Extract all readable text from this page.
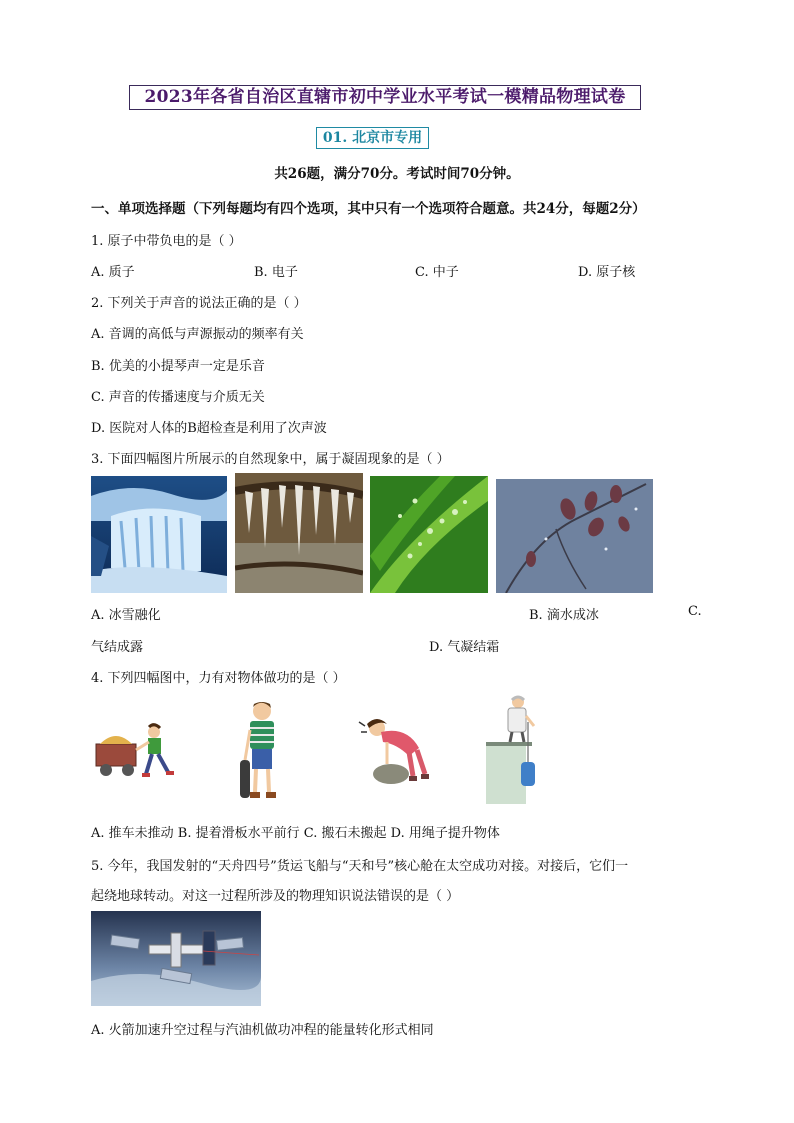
2023年各省自治区直辖市初中学业水平考试一模精品物理试卷
01. 北京市专用
共26题，满分70分。考试时间70分钟。
一、单项选择题（下列每题均有四个选项，其中只有一个选项符合题意。共24分，每题2分）
1. 原子中带负电的是（ ）
A. 质子	B. 电子	C. 中子	D. 原子核
2. 下列关于声音的说法正确的是（ ）
A. 音调的高低与声源振动的频率有关
B. 优美的小提琴声一定是乐音
C. 声音的传播速度与介质无关
D. 医院对人体的B超检查是利用了次声波
3. 下面四幅图片所展示的自然现象中，属于凝固现象的是（ ）
A. 冰雪融化	B. 滴水成冰	C.
气结成露	D. 气凝结霜
4. 下列四幅图中，力有对物体做功的是（ ）
A. 推车未推动 B. 提着滑板水平前行 C. 搬石未搬起 D. 用绳子提升物体
5. 今年，我国发射的“天舟四号”货运飞船与“天和号”核心舱在太空成功对接。对接后，它们一
起绕地球转动。对这一过程所涉及的物理知识说法错误的是（ ）
A. 火箭加速升空过程与汽油机做功冲程的能量转化形式相同
